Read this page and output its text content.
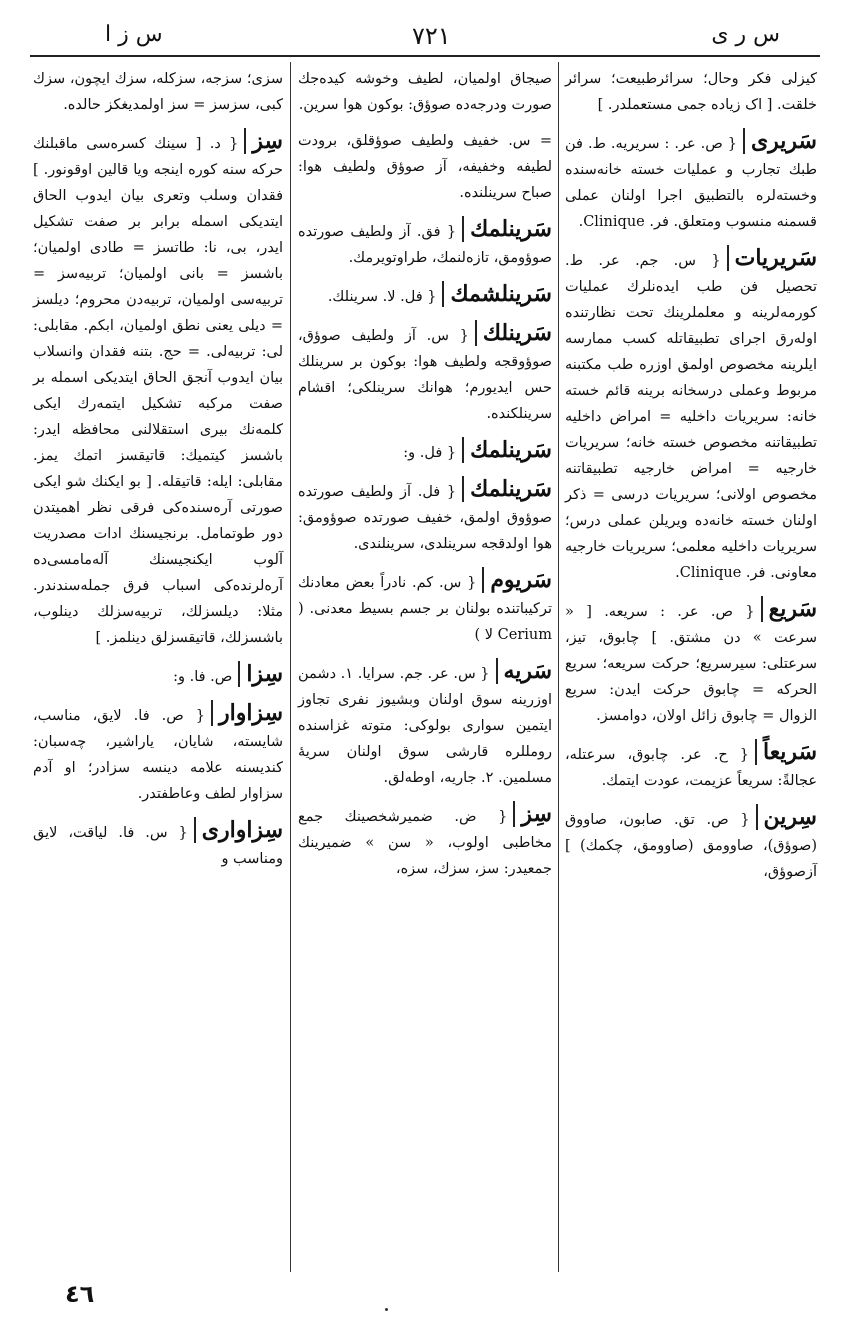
س ز ا	٧٢١	س ر ی

کیزلی فکر وحال؛ سرائرطبیعت؛ سرائر خلقت. [ اک زیاده جمی مستعملدر. ]

سَریری{ ص. عر. : سریریه. ط. فن طبك تجارب و عملیات خسته خانه‌سنده وخسته‌لره بالتطبیق اجرا اولنان عملی قسمنه منسوب ومتعلق. فر. Clinique.

سَریریات{ س. جم. عر. ط. تحصیل فن طب ایده‌نلرك عملیات کورمه‌لرینه و معلملرینك تحت نظارتنده اوله‌رق اجرای تطبیقاتله کسب ممارسه ایلرینه مخصوص اولمق اوزره طب مکتبنه مربوط وعملی درسخانه برینه قائم خسته خانه: سریریات داخلیه = امراض داخلیه تطبیقاتنه مخصوص خسته خانه؛ سریریات خارجیه = امراض خارجیه تطبیقاتنه مخصوص اولانی؛ سریریات درسی = ذکر اولنان خسته خانه‌ده ویریلن عملی درس؛ سریریات داخلیه معلمی؛ سریریات خارجیه معاونی. فر. Clinique.

سَریع{ ص. عر. : سریعه. [ « سرعت » دن مشتق. ] چابوق، تیز، سرعتلی: سیرسریع؛ حرکت سریعه؛ سریع الحرکه = چابوق حرکت ایدن: سریع الزوال = چابوق زائل اولان، دوامسز.

سَریعاً{ ح. عر. چابوق، سرعتله، عجالةً: سریعاً عزیمت، عودت ایتمك.

سِرین{ ص. تق. صابون، صاووق (صوؤق)، صاوومق (صاوومق، چکمك) ] آزصوؤق،

صیجاق اولمیان، لطیف وخوشه کیده‌جك صورت ودرجه‌ده صوؤق: بوکون هوا سرین.

= س. خفیف ولطیف صوؤقلق، برودت لطیفه وخفیفه، آز صوؤق ولطیف هوا: صباح سرینلنده.

سَرینلمك{ فق. آز ولطیف صورتده صوؤومق، تازه‌لنمك، طراوتویرمك.

سَرینلشمك{ فل. لا. سرینلك.

سَرینلك{ س. آز ولطیف صوؤق، صوؤوقجه ولطیف هوا: بوکون بر سرینلك حس ایدیورم؛ هوانك سرینلکی؛ اقشام سرینلکنده.

سَرینلمك{ فل. و:

سَرینلمك{ فل. آز ولطیف صورتده صوؤوق اولمق، خفیف صورتده صوؤومق: هوا اولدقجه سرینلدی، سرینلندی.

سَریوم{ س. کم. نادراً بعض معادنك ترکیباتنده بولنان بر جسم بسیط معدنی. ( Cerium لا )

سَریه{ س. عر. جم. سرایا. ١. دشمن اوزرینه سوق اولنان وبشیوز نفری تجاوز ایتمین سواری بولوکی: متوته غزاسنده رومللره قارشی سوق اولنان سریهٔ مسلمین. ٢. جاریه، اوطه‌لق.

سِز{ ض. ضمیرشخصینك جمع مخاطبی اولوب، « سن » ضمیرینك جمعیدر: سز، سزك، سزه،

سزی؛ سزجه، سزکله، سزك ایچون، سزك کبی، سزسز = سز اولمدیغکز حالده.

سِز{ د. [ سینك کسره‌سی ماقبلنك حرکه سنه کوره اینجه ویا قالین اوقونور. ] فقدان وسلب وتعری بیان ایدوب الحاق ایتدیکی اسمله برابر بر صفت تشکیل ایدر، بی، نا: طاتسز = طادی اولمیان؛ باشسز = بانی اولمیان؛ تربیه‌سز = تربیه‌سی اولمیان، تربیه‌دن محروم؛ دیلسز = دیلی یعنی نطق اولمیان، ابکم. مقابلی: لی: تربیه‌لی. = حج. بتنه فقدان وانسلاب بیان ایدوب آنجق الحاق ایتدیکی اسمله بر صفت مرکبه تشکیل ایتمه‌رك ایکی کلمه‌نك بیری استقلالنی محافظه ایدر: باشسز کیتمیك: قاتیقسز اتمك یمز. مقابلی: ایله: قاتیقله. [ بو ایکنك شو ایکی صورتی آره‌سنده‌کی فرقی نظر اهمیتدن دور طوتمامل. برنجیسنك ادات مصدریت آلوب ایکنجیسنك آله‌مامسی‌ده آره‌لرنده‌کی اسباب فرق جمله‌سندندر. مثلا: دیلسزلك، تربیه‌سزلك دینلوب، باشسزلك، قاتیقسزلق دینلمز. ]

سِزاص. فا. و:

سِزاوار{ ص. فا. لایق، مناسب، شایسته، شایان، یاراشیر، چه‌سبان: کندیسنه علامه دینسه سزادر؛ او آدم سزاوار لطف وعاطفتدر.

سِزاواری{ س. فا. لیاقت، لایق ومناسب و

٤٦
